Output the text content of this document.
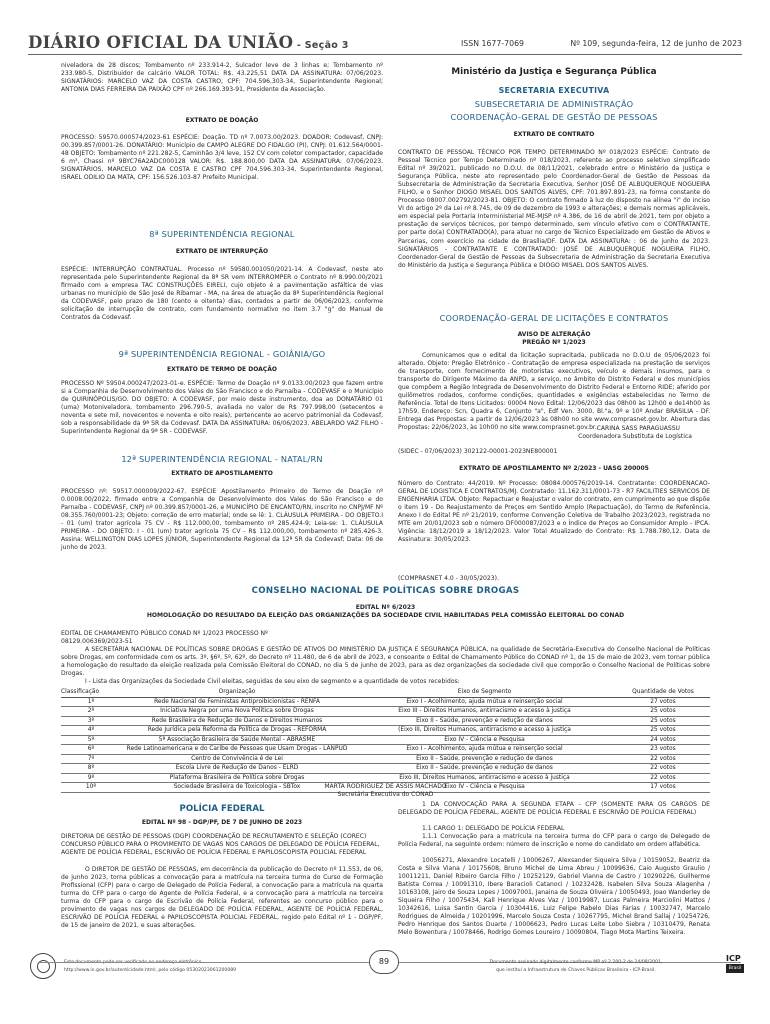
DIÁRIO OFICIAL DA UNIÃO - Seção 3	ISSN 1677-7069	Nº 109, segunda-feira, 12 de junho de 2023
niveladora de 28 discos; Tombamento nº 233.914-2, Sulcador leve de 3 linhas e; Tombamento nº 233.980-5, Distribuidor de calcário VALOR TOTAL: R$. 43.225,51 DATA DA ASSINATURA: 07/06/2023. SIGNATÁRIOS: MARCELO VAZ DA COSTA CASTRO, CPF: 704.596.303-34, Superintendente Regional; ANTONIA DIAS FERREIRA DA PAIXÃO CPF nº 266.169.393-91, Presidente da Associação.
EXTRATO DE DOAÇÃO
PROCESSO: 59570.000574/2023-61 ESPÉCIE: Doação. TD nº 7.0073.00/2023. DOADOR: Codevasf, CNPJ: 00.399.857/0001-26. DONATÁRIO: Município de CAMPO ALEGRE DO FIDALGO (PI), CNPJ: 01.612.564/0001-48 OBJETO: Tombamento nº 221.282-5, Caminhão 3/4 leve, 152 CV com coletor compactador, capacidade 6 m³, Chassi nº 9BYC76A2ADC000128 VALOR: R$. 188.800,00 DATA DA ASSINATURA: 07/06/2023. SIGNATÁRIOS, MARCELO VAZ DA COSTA E CASTRO CPF 704.596.303-34, Superintendente Regional, ISRAEL ODILIO DA MATA, CPF: 156.526.103-87 Prefeito Municipal.
8ª SUPERINTENDÊNCIA REGIONAL
EXTRATO DE INTERRUPÇÃO
ESPÉCIE: INTERRUPÇÃO CONTRATUAL. Processo nº 59580.001050/2021-14. A Codevasf, neste ato representada pelo Superintendente Regional da 8ª SR vem INTERROMPER o Contrato nº 8.990.00/2021 firmado com a empresa TAC CONSTRUÇÕES EIRELI, cujo objeto é a pavimentação asfáltica de vias urbanas no município de São José de Ribamar - MA, na área de atuação da 8ª Superintendência Regional da CODEVASF, pelo prazo de 180 (cento e oitenta) dias, contados a partir de 06/06/2023, conforme solicitação de interrupção de contrato, com fundamento normativo no item 3.7 "g" do Manual de Contratos da Codevasf.
9ª SUPERINTENDÊNCIA REGIONAL - GOIÂNIA/GO
EXTRATO DE TERMO DE DOAÇÃO
PROCESSO Nº 59504.000247/2023-01-e. ESPÉCIE: Termo de Doação nº 9.0133.00/2023 que fazem entre si a Companhia de Desenvolvimento dos Vales do São Francisco e do Parnaíba - CODEVASF e o Município de QUIRINÓPOLIS/GO. DO OBJETO: A CODEVASF, por meio deste instrumento, doa ao DONATÁRIO 01 (uma) Motoniveladora, tombamento 296.790-5, avaliada no valor de R$ 797.998,00 (setecentos e noventa e sete mil, novecentos e noventa e oito reais), pertencente ao acervo patrimonial da Codevasf, sob a responsabilidade da 9ª SR da Codevasf. DATA DA ASSINATURA: 06/06/2023. ABELARDO VAZ FILHO - Superintendente Regional da 9ª SR - CODEVASF.
12ª SUPERINTENDÊNCIA REGIONAL - NATAL/RN
EXTRATO DE APOSTILAMENTO
PROCESSO nº: 59517.000009/2022-67. ESPÉCIE Apostilamento Primeiro do Termo de Doação nº 0.0008.00/2022, firmado entre a Companhia de Desenvolvimento dos Vales do São Francisco e do Parnaíba - CODEVASF, CNPJ nº 00.399.857/0001-26, e MUNICÍPIO DE ENCANTO/RN, inscrito no CNPJ/MF Nº 08.355.760/0001-23; Objeto: correção de erro material; onde se lê: 1. CLÁUSULA PRIMEIRA - DO OBJETO.I - 01 (um) trator agrícola 75 CV - R$ 112.000,00, tombamento nº 285.424-9; Leia-se: 1. CLÁUSULA PRIMEIRA - DO OBJETO. I - 01 (um) trator agrícola 75 CV - R$ 112.000,00, tombamento nº 285.426-3. Assina: WELLINGTON DIAS LOPES JÚNIOR, Superintendente Regional da 12ª SR da Codevasf; Data: 06 de junho de 2023.
Ministério da Justiça e Segurança Pública
SECRETARIA EXECUTIVA
SUBSECRETARIA DE ADMINISTRAÇÃO
COORDENAÇÃO-GERAL DE GESTÃO DE PESSOAS
EXTRATO DE CONTRATO
CONTRATO DE PESSOAL TÉCNICO POR TEMPO DETERMINADO Nº 018/2023 ESPÉCIE: Contrato de Pessoal Técnico por Tempo Determinado nº 018/2023, referente ao processo seletivo simplificado Edital nº 39/2021, publicado no D.O.U. de 08/11/2021, celebrado entre o Ministério da Justiça e Segurança Pública, neste ato representado pelo Coordenador-Geral de Gestão de Pessoas da Subsecretaria de Administração da Secretaria Executiva, Senhor JOSÉ DE ALBUQUERQUE NOGUEIRA FILHO, e o Senhor DIOGO MISAEL DOS SANTOS ALVES, CPF: 701.897.891-23, na forma constante do Processo 08007.002792/2023-81. OBJETO: O contrato firmado à luz do disposto na alínea "i" do inciso VI do artigo 2º da Lei nº 8.745, de 09 de dezembro de 1993 e alterações; e demais normas aplicáveis, em especial pela Portaria Interministerial ME-MJSP nº 4.386, de 16 de abril de 2021, tem por objeto a prestação de serviços técnicos, por tempo determinado, sem vínculo efetivo com o CONTRATANTE, por parte do(a) CONTRATADO(A), para atuar no cargo de Técnico Especializado em Gestão de Ativos e Parcerias, com exercício na cidade de Brasília/DF. DATA DA ASSINATURA: : 06 de junho de 2023. SIGNATÁRIOS - CONTRATANTE E CONTRATADO: JOSÉ DE ALBUQUERQUE NOGUEIRA FILHO, Coordenador-Geral de Gestão de Pessoas da Subsecretaria de Administração da Secretaria Executiva do Ministério da Justiça e Segurança Pública e DIOGO MISAEL DOS SANTOS ALVES.
COORDENAÇÃO-GERAL DE LICITAÇÕES E CONTRATOS
AVISO DE ALTERAÇÃO
PREGÃO Nº 1/2023
Comunicamos que o edital da licitação supracitada, publicada no D.O.U de 05/06/2023 foi alterado. Objeto: Pregão Eletrônico - Contratação de empresa especializada na prestação de serviços de transporte, com fornecimento de motoristas executivos, veículo e demais insumos, para o transporte do Dirigente Máximo da ANPD, a serviço, no âmbito do Distrito Federal e dos municípios que compõem a Região Integrada de Desenvolvimento do Distrito Federal e Entorno RIDE; aferido por quilômetros rodados, conforme condições, quantidades e exigências estabelecidas no Termo de Referência. Total de Itens Licitados: 00004 Novo Edital: 12/06/2023 das 08h00 às 12h00 e de14h00 às 17h59. Endereço: Scn, Quadra 6, Conjunto "a", Edf Ven. 3000, Bl."a, 9º e 10º Andar BRASILIA - DF. Entrega das Propostas: a partir de 12/06/2023 às 08h00 no site www.comprasnet.gov.br. Abertura das Propostas: 22/06/2023, às 10h00 no site www.comprasnet.gov.br. CARINA SASS PARAGUASSU
Coordenadora Substituta de Logística
(SIDEC - 07/06/2023) 302122-00001-2023NE800001
EXTRATO DE APOSTILAMENTO Nº 2/2023 - UASG 200005
Número do Contrato: 44/2019. Nº Processo: 08084.000576/2019-14. Contratante: COORDENACAO-GERAL DE LOGISTICA E CONTRATOS/MJ. Contratado: 11.162.311/0001-73 - R7 FACILITIES SERVICOS DE ENGENHARIA LTDA. Objeto: Repactuar e Reajustar o valor do contrato, em cumprimento ao que dispõe o item 19 - Do Reajustamento de Preços em Sentido Amplo (Repactuação), do Termo de Referência, Anexo I do Edital PE nº 21/2019, conforme Convenção Coletiva de Trabalho 2023/2023, registrada no MTE em 20/01/2023 sob o número DF000087/2023 e o Índice de Preços ao Consumidor Amplo - IPCA. Vigência: 18/12/2019 a 18/12/2023. Valor Total Atualizado do Contrato: R$ 1.788.780,12. Data de Assinatura: 30/05/2023.
(COMPRASNET 4.0 - 30/05/2023).
CONSELHO NACIONAL DE POLÍTICAS SOBRE DROGAS
EDITAL Nº 6/2023
HOMOLOGAÇÃO DO RESULTADO DA ELEIÇÃO DAS ORGANIZAÇÕES DA SOCIEDADE CIVIL HABILITADAS PELA COMISSÃO ELEITORAL DO CONAD
EDITAL DE CHAMAMENTO PÚBLICO CONAD Nº 1/2023 PROCESSO Nº 08129.006369/2023-51
A SECRETÁRIA NACIONAL DE POLÍTICAS SOBRE DROGAS E GESTÃO DE ATIVOS DO MINISTÉRIO DA JUSTIÇA E SEGURANÇA PÚBLICA, na qualidade de Secretária-Executiva do Conselho Nacional de Políticas sobre Drogas, em conformidade com os arts. 3º, §6º, 5º, 62º, do Decreto nº 11.480, de 6 de abril de 2023, e consoante o Edital de Chamamento Público do CONAD nº 1, de 15 de maio de 2023, vem tornar pública a homologação do resultado da eleição realizada pela Comissão Eleitoral do CONAD, no dia 5 de junho de 2023, para as dez organizações da sociedade civil que comporão o Conselho Nacional de Políticas sobre Drogas.
I - Lista das Organizações da Sociedade Civil eleitas, seguidas de seu eixo de segmento e a quantidade de votos recebidos:
Classificação	Organização	Eixo de Segmento	Quantidade de Votos
1º	Rede Nacional de Feministas Antiproibicionistas - RENFA	Eixo I - Acolhimento, ajuda mútua e reinserção social	27 votos
2º	Iniciativa Negra por uma Nova Política sobre Drogas	Eixo III - Direitos Humanos, antirracismo e acesso à justiça	25 votos
3º	Rede Brasileira de Redução de Danos e Direitos Humanos	Eixo II - Saúde, prevenção e redução de danos	25 votos
4º	Rede Jurídica pela Reforma da Política de Drogas - REFORMA	(Eixo III, Direitos Humanos, antirracismo e acesso à justiça	25 votos
5º	5ª Associação Brasileira de Saúde Mental - ABRASME	Eixo IV - Ciência e Pesquisa	24 votos
6º	Rede Latinoamericana e do Caribe de Pessoas que Usam Drogas - LANPUD	Eixo I - Acolhimento, ajuda mútua e reinserção social	23 votos
7º	Centro de Convivência é de Lei	Eixo II - Saúde, prevenção e redução de danos	22 votos
8º	Escola Livre de Redução de Danos - ELRD	Eixo II - Saúde, prevenção e redução de danos	22 votos
9º	Plataforma Brasileira de Política sobre Drogas	Eixo III, Direitos Humanos, antirracismo e acesso à justiça	22 votos
10º	Sociedade Brasileira de Toxicologia - SBTox	Eixo IV - Ciência e Pesquisa	17 votos
MARTA RODRIGUEZ DE ASSIS MACHADO
Secretária Executiva do CONAD
POLÍCIA FEDERAL
EDITAL Nº 98 - DGP/PF, DE 7 DE JUNHO DE 2023
DIRETORIA DE GESTÃO DE PESSOAS (DGP) COORDENAÇÃO DE RECRUTAMENTO E SELEÇÃO (COREC) CONCURSO PÚBLICO PARA O PROVIMENTO DE VAGAS NOS CARGOS DE DELEGADO DE POLÍCIA FEDERAL, AGENTE DE POLÍCIA FEDERAL, ESCRIVÃO DE POLÍCIA FEDERAL E PAPILOSCOPISTA POLICIAL FEDERAL
O DIRETOR DE GESTÃO DE PESSOAS, em decorrência da publicação do Decreto nº 11.553, de 06, de junho 2023, torna públicas a convocação para a matrícula na terceira turma do Curso de Formação Profissional (CFP) para o cargo de Delegado de Polícia Federal, a convocação para a matrícula na quarta turma do CFP para o cargo de Agente de Polícia Federal, e a convocação para a matrícula na terceira turma do CFP para o cargo de Escrivão de Polícia Federal, referentes ao concurso público para o provimento de vagas nos cargos de DELEGADO DE POLÍCIA FEDERAL, AGENTE DE POLÍCIA FEDERAL, ESCRIVÃO DE POLÍCIA FEDERAL e PAPILOSCOPISTA POLICIAL FEDERAL, regido pelo Edital nº 1 - DGP/PF, de 15 de janeiro de 2021, e suas alterações.
1 DA CONVOCAÇÃO PARA A SEGUNDA ETAPA - CFP (SOMENTE PARA OS CARGOS DE DELEGADO DE POLÍCIA FEDERAL, AGENTE DE POLÍCIA FEDERAL E ESCRIVÃO DE POLÍCIA FEDERAL)
1.1 CARGO 1: DELEGADO DE POLÍCIA FEDERAL
1.1.1 Convocação para a matrícula na terceira turma do CFP para o cargo de Delegado de Polícia Federal, na seguinte ordem: número de inscrição e nome do candidato em ordem alfabética.
10056271, Alexandre Locatelli / 10006267, Alexsander Siqueira Silva / 10159052, Beatriz da Costa e Silva Viana / 10175608, Bruno Michel de Lima Abreu / 10099636, Caio Augusto Graulio / 10011211, Daniel Ribeiro Garcia Filho / 10252129, Gabriel Vianna de Castro / 10290226, Guilherme Batista Correa / 10091310, Ibere Baracioli Catanoci / 10232428, Isabelen Silva Souza Alagenha / 10163108, Jairo de Souza Lopes / 10097001, Janaina de Souza Oliveira / 10050493, Joao Wanderley de Siqueira Filho / 10075434, Kall Henrique Alves Vaz / 10019987, Lucas Palmeira Marciolini Mattos / 10342616, Luisa Santin Garcia / 10304416, Luiz Felipe Rabelo Dias Farias / 10032747, Marcelo Rodrigues de Almeida / 10201996, Marcelo Souza Costa / 10267795, Michel Brand Sallaj / 10254726, Pedro Henrique dos Santos Duarte / 10006623, Pedro Lucas Leite Lobo Siebra / 10310479, Renata Melo Bowentura / 10078466, Rodrigo Gomes Loureiro / 10090804, Tiago Mota Martins Teixeira.
Este documento pode ser verificado no endereço eletrônico
http://www.in.gov.br/autenticidade.html, pelo código 05302023061200089
89	Documento assinado digitalmente conforme MP nº 2.200-2 de 24/08/2001,
que institui a Infraestrutura de Chaves Públicas Brasileira - ICP-Brasil.
ICP
Brasil
